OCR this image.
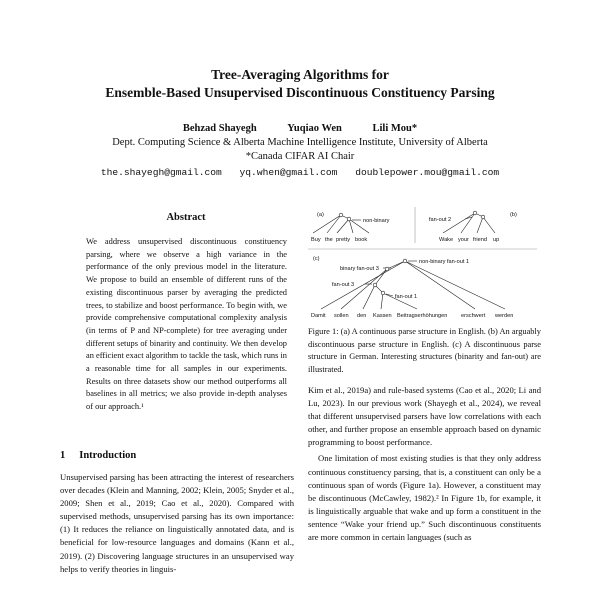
Tree-Averaging Algorithms for
Ensemble-Based Unsupervised Discontinuous Constituency Parsing
Behzad Shayegh	Yuqiao Wen	Lili Mou*
Dept. Computing Science & Alberta Machine Intelligence Institute, University of Alberta
*Canada CIFAR AI Chair
the.shayegh@gmail.com yq.when@gmail.com doublepower.mou@gmail.com
Abstract
We address unsupervised discontinuous constituency parsing, where we observe a high variance in the performance of the only previous model in the literature. We propose to build an ensemble of different runs of the existing discontinuous parser by averaging the predicted trees, to stabilize and boost performance. To begin with, we provide comprehensive computational complexity analysis (in terms of P and NP-complete) for tree averaging under different setups of binarity and continuity. We then develop an efficient exact algorithm to tackle the task, which runs in a reasonable time for all samples in our experiments. Results on three datasets show our method outperforms all baselines in all metrics; we also provide in-depth analyses of our approach.¹
1 Introduction
Unsupervised parsing has been attracting the interest of researchers over decades (Klein and Manning, 2002; Klein, 2005; Snyder et al., 2009; Shen et al., 2019; Cao et al., 2020). Compared with supervised methods, unsupervised parsing has its own importance: (1) It reduces the reliance on linguistically annotated data, and is beneficial for low-resource languages and domains (Kann et al., 2019). (2) Discovering language structures in an unsupervised way helps to verify theories in linguis-
(a)
non-binary
Buy the pretty book
(b)
fan-out 2
Wake your friend up
(c)	non-binary fan-out 1
binary fan-out 3
fan-out 3
fan-out 1
Damit sollen den Kassen Beitragserhöhungen erschwert werden
Figure 1: (a) A continuous parse structure in English. (b) An arguably discontinuous parse structure in English. (c) A discontinuous parse structure in German. Interesting structures (binarity and fan-out) are illustrated.

Kim et al., 2019a) and rule-based systems (Cao et al., 2020; Li and Lu, 2023). In our previous work (Shayegh et al., 2024), we reveal that different unsupervised parsers have low correlations with each other, and further propose an ensemble approach based on dynamic programming to boost performance.

One limitation of most existing studies is that they only address continuous constituency parsing, that is, a constituent can only be a continuous span of words (Figure 1a). However, a constituent may be discontinuous (McCawley, 1982).² In Figure 1b, for example, it is linguistically arguable that wake and up form a constituent in the sentence “Wake your friend up.” Such discontinuous constituents are more common in certain languages (such as
